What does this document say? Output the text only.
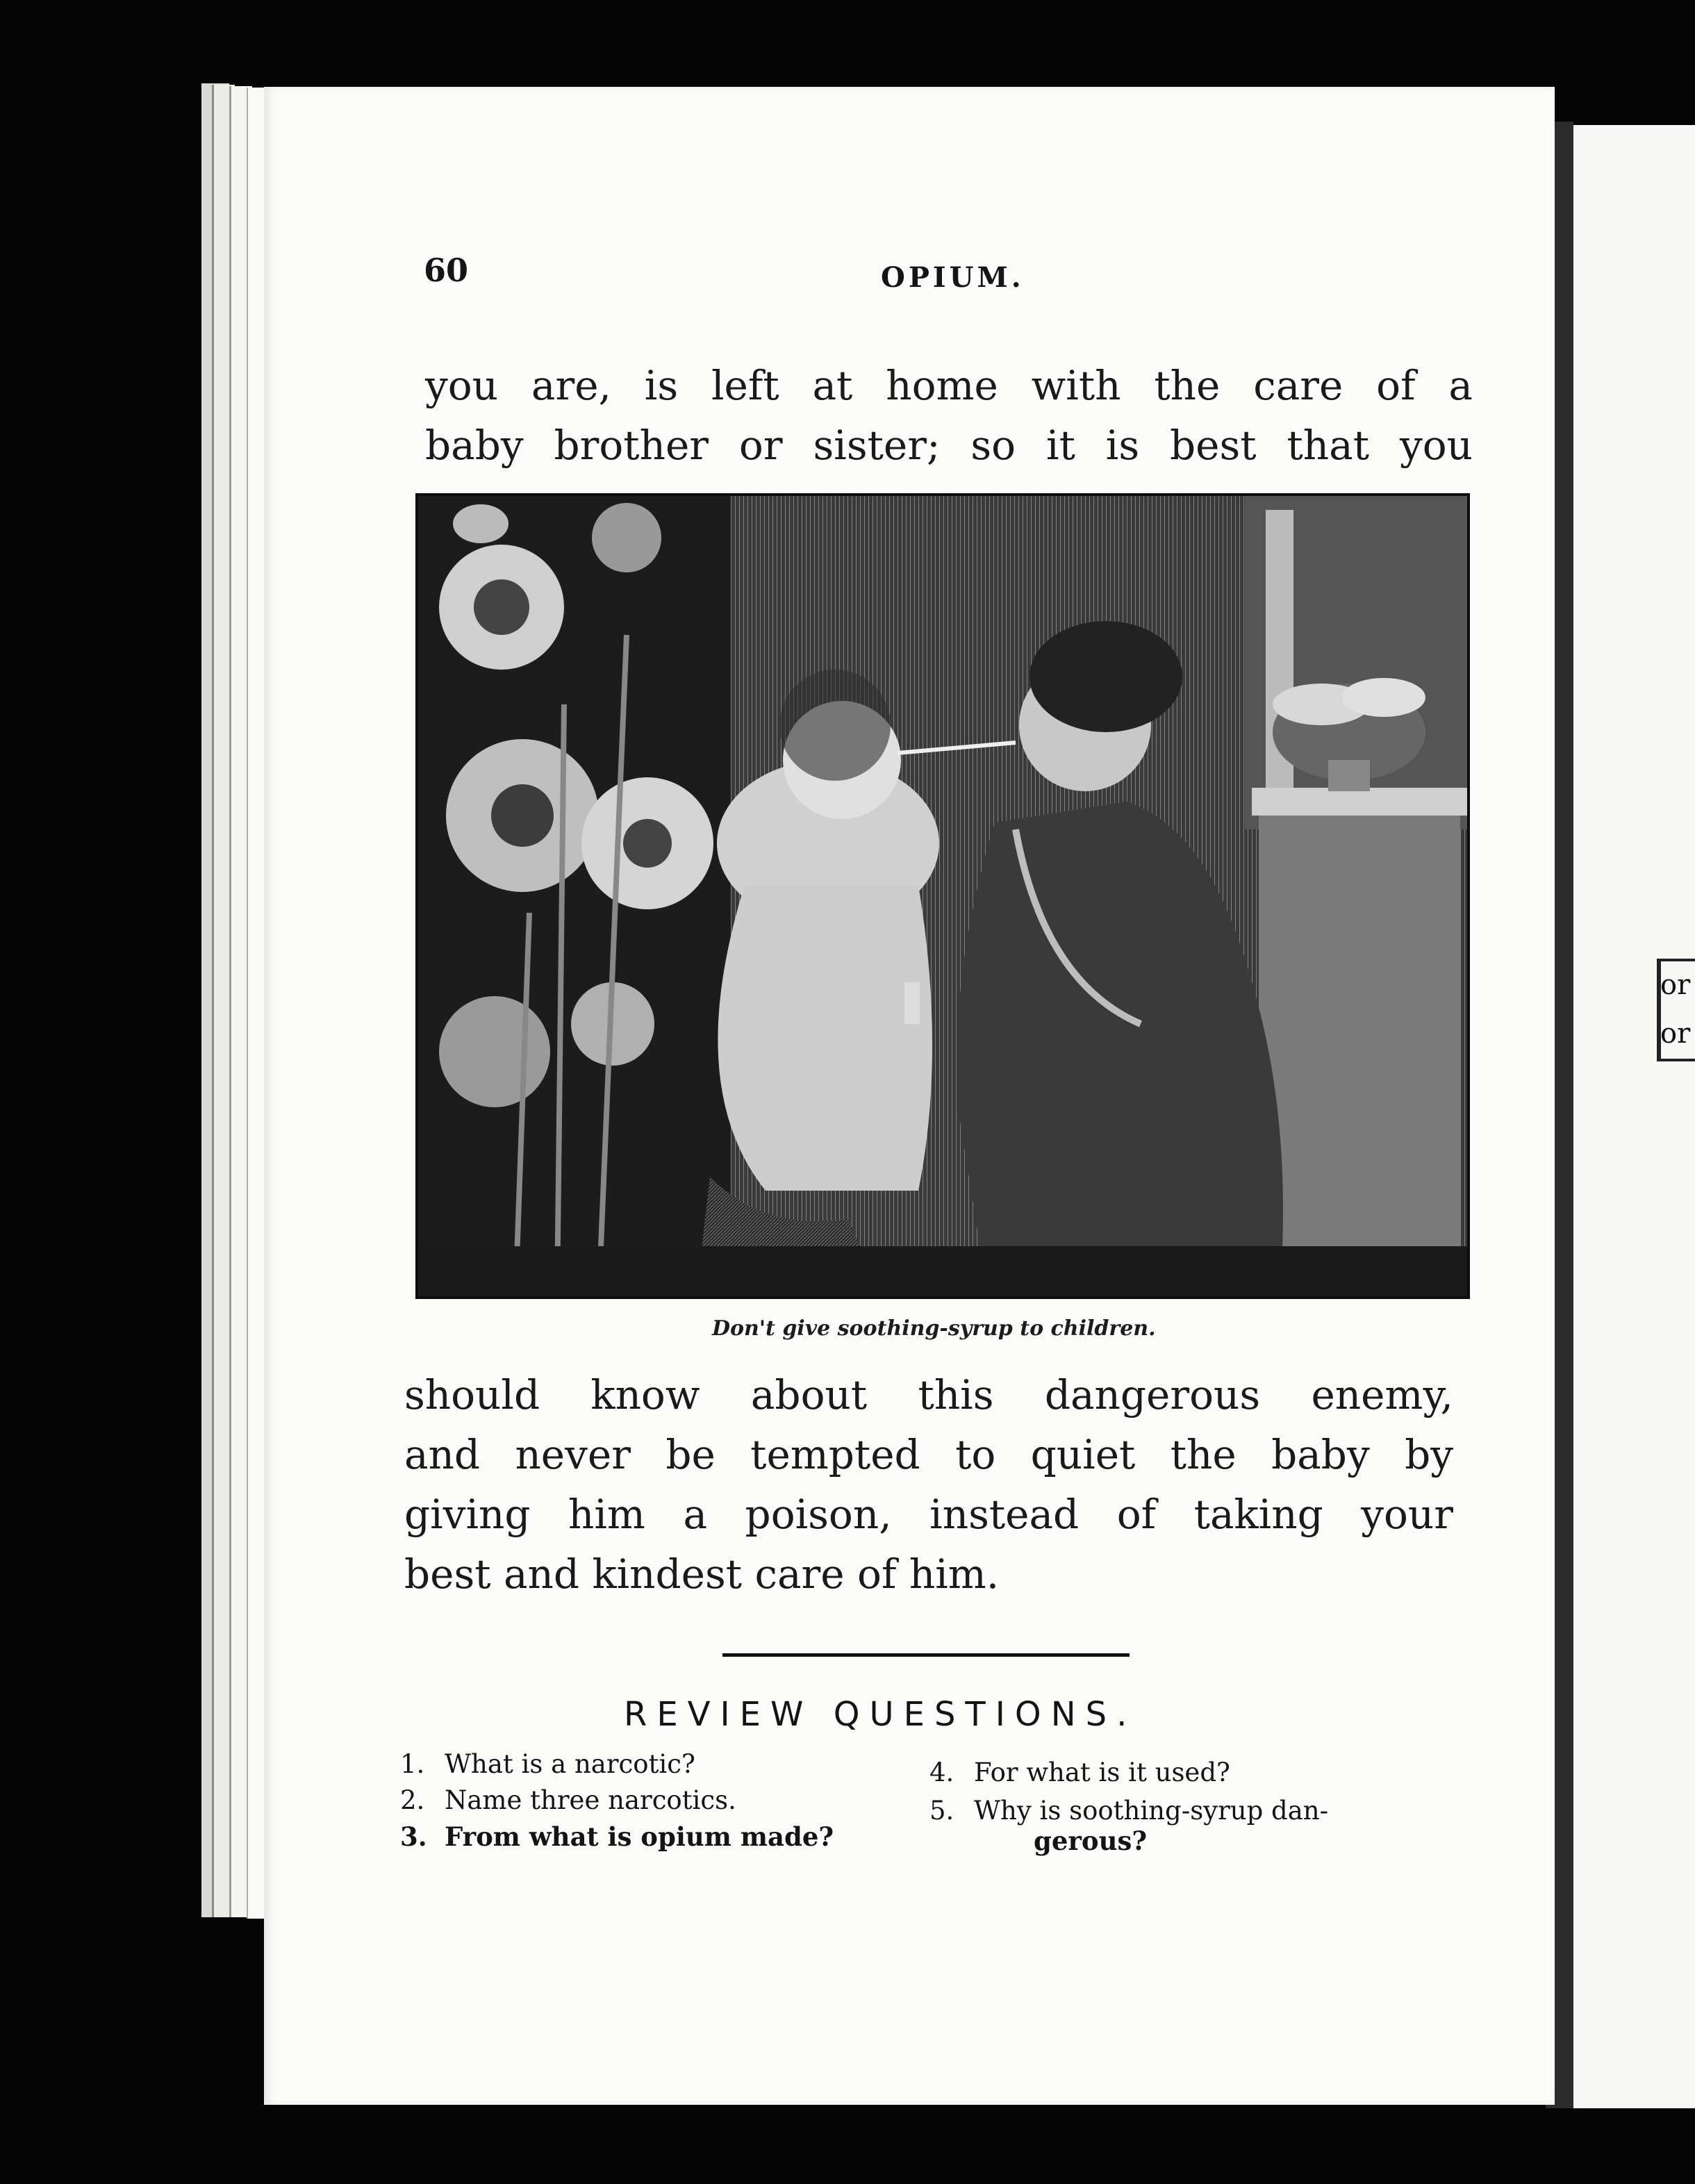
or
or
60	OPIUM.
you are, is left at home with the care of a
baby brother or sister; so it is best that you
Don't give soothing-syrup to children.
should know about this dangerous enemy,
and never be tempted to quiet the baby by
giving him a poison, instead of taking your
best and kindest care of him.
REVIEW QUESTIONS.
1. What is a narcotic?
2. Name three narcotics.
3. From what is opium made?
4. For what is it used?
5. Why is soothing-syrup dan-
gerous?
